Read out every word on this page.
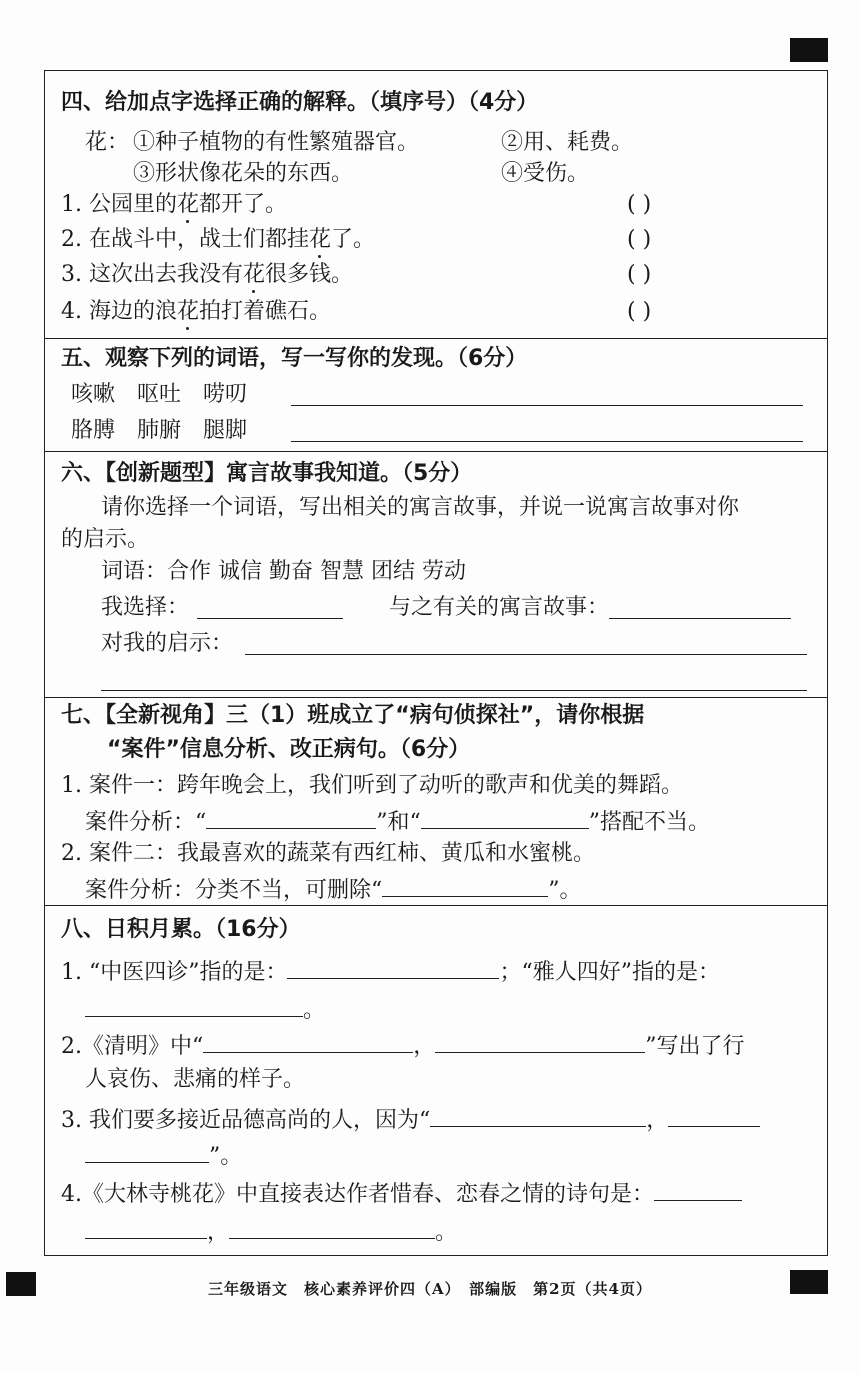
四、给加点字选择正确的解释。（填序号）（4分）
花： ①种子植物的有性繁殖器官。	②用、耗费。
③形状像花朵的东西。	④受伤。
1. 公园里的花都开了。	( )
2. 在战斗中，战士们都挂花了。	( )
3. 这次出去我没有花很多钱。	( )
4. 海边的浪花拍打着礁石。	( )
五、观察下列的词语，写一写你的发现。（6分）
咳嗽　呕吐　唠叨
胳膊　肺腑　腿脚
六、【创新题型】寓言故事我知道。（5分）
请你选择一个词语，写出相关的寓言故事，并说一说寓言故事对你
的启示。
词语：合作 诚信 勤奋 智慧 团结 劳动
我选择：	与之有关的寓言故事：
对我的启示：
七、【全新视角】三（1）班成立了“病句侦探社”，请你根据
“案件”信息分析、改正病句。（6分）
1. 案件一：跨年晚会上，我们听到了动听的歌声和优美的舞蹈。
案件分析：“	”和“	”搭配不当。
2. 案件二：我最喜欢的蔬菜有西红柿、黄瓜和水蜜桃。
案件分析：分类不当，可删除“	”。
八、日积月累。（16分）
1. “中医四诊”指的是：	；“雅人四好”指的是：
。
2.《清明》中“	，	”写出了行
人哀伤、悲痛的样子。
3. 我们要多接近品德高尚的人，因为“	，
”。
4.《大林寺桃花》中直接表达作者惜春、恋春之情的诗句是：
，	。
三年级语文　核心素养评价四（A）　部编版　第2页（共4页）
